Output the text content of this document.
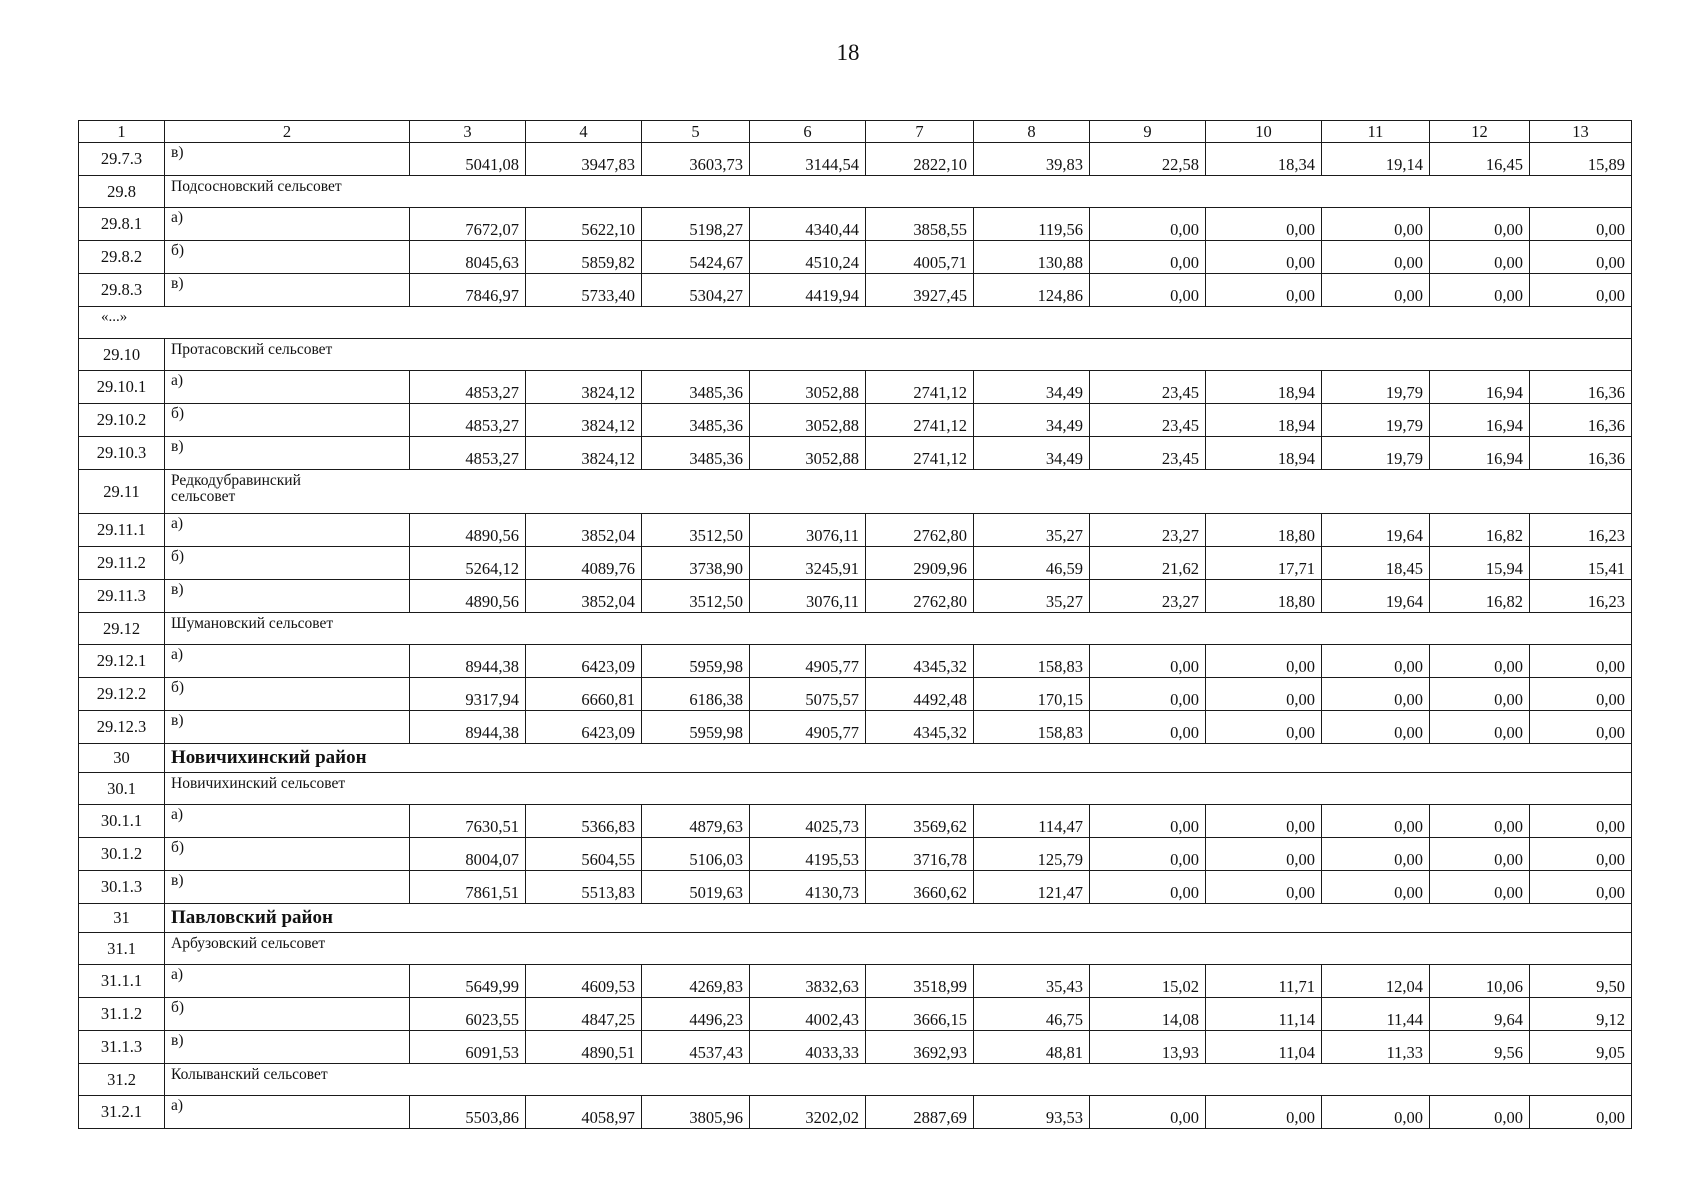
18
1	2	3	4	5	6	7	8	9	10	11	12	13
29.7.3	в)	5041,08	3947,83	3603,73	3144,54	2822,10	39,83	22,58	18,34	19,14	16,45	15,89
29.8	Подсосновский сельсовет											
29.8.1	а)	7672,07	5622,10	5198,27	4340,44	3858,55	119,56	0,00	0,00	0,00	0,00	0,00
29.8.2	б)	8045,63	5859,82	5424,67	4510,24	4005,71	130,88	0,00	0,00	0,00	0,00	0,00
29.8.3	в)	7846,97	5733,40	5304,27	4419,94	3927,45	124,86	0,00	0,00	0,00	0,00	0,00
«...»												
29.10	Протасовский сельсовет											
29.10.1	а)	4853,27	3824,12	3485,36	3052,88	2741,12	34,49	23,45	18,94	19,79	16,94	16,36
29.10.2	б)	4853,27	3824,12	3485,36	3052,88	2741,12	34,49	23,45	18,94	19,79	16,94	16,36
29.10.3	в)	4853,27	3824,12	3485,36	3052,88	2741,12	34,49	23,45	18,94	19,79	16,94	16,36
29.11	Редкодубравинский
сельсовет											

29.11.1	а)	4890,56	3852,04	3512,50	3076,11	2762,80	35,27	23,27	18,80	19,64	16,82	16,23
29.11.2	б)	5264,12	4089,76	3738,90	3245,91	2909,96	46,59	21,62	17,71	18,45	15,94	15,41
29.11.3	в)	4890,56	3852,04	3512,50	3076,11	2762,80	35,27	23,27	18,80	19,64	16,82	16,23
29.12	Шумановский сельсовет											
29.12.1	а)	8944,38	6423,09	5959,98	4905,77	4345,32	158,83	0,00	0,00	0,00	0,00	0,00
29.12.2	б)	9317,94	6660,81	6186,38	5075,57	4492,48	170,15	0,00	0,00	0,00	0,00	0,00
29.12.3	в)	8944,38	6423,09	5959,98	4905,77	4345,32	158,83	0,00	0,00	0,00	0,00	0,00
30	Новичихинский район											
30.1	Новичихинский сельсовет											
30.1.1	а)	7630,51	5366,83	4879,63	4025,73	3569,62	114,47	0,00	0,00	0,00	0,00	0,00
30.1.2	б)	8004,07	5604,55	5106,03	4195,53	3716,78	125,79	0,00	0,00	0,00	0,00	0,00
30.1.3	в)	7861,51	5513,83	5019,63	4130,73	3660,62	121,47	0,00	0,00	0,00	0,00	0,00
31	Павловский район											
31.1	Арбузовский сельсовет											
31.1.1	а)	5649,99	4609,53	4269,83	3832,63	3518,99	35,43	15,02	11,71	12,04	10,06	9,50
31.1.2	б)	6023,55	4847,25	4496,23	4002,43	3666,15	46,75	14,08	11,14	11,44	9,64	9,12
31.1.3	в)	6091,53	4890,51	4537,43	4033,33	3692,93	48,81	13,93	11,04	11,33	9,56	9,05
31.2	Колыванский сельсовет											
31.2.1	а)	5503,86	4058,97	3805,96	3202,02	2887,69	93,53	0,00	0,00	0,00	0,00	0,00
